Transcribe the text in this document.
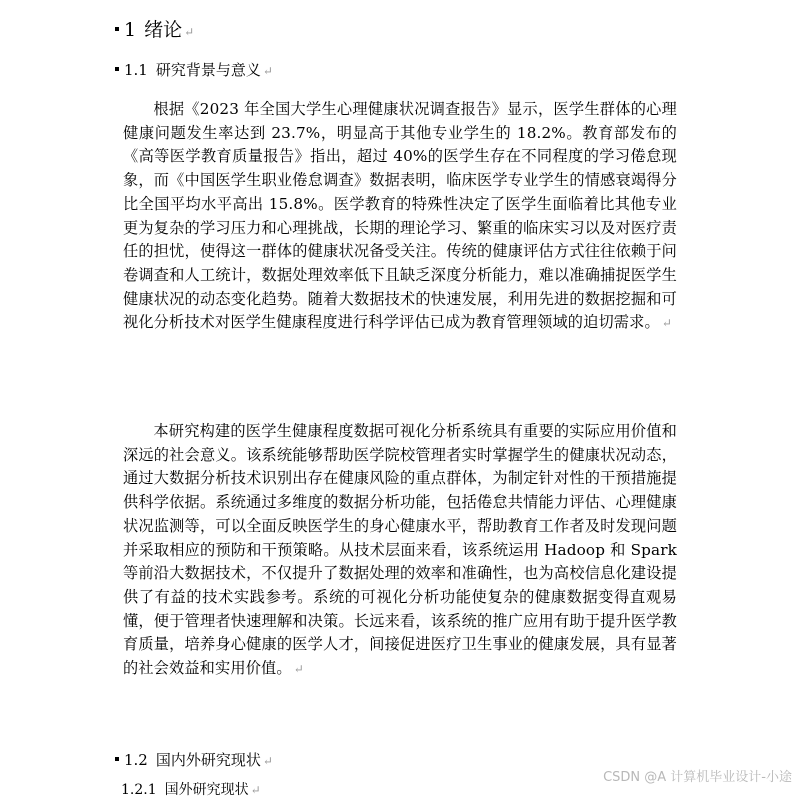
1 绪论 ↵
1.1 研究背景与意义 ↵
根据《2023 年全国大学生心理健康状况调查报告》显示，医学生群体的心理健康问题发生率达到 23.7%，明显高于其他专业学生的 18.2%。教育部发布的《高等医学教育质量报告》指出，超过 40%的医学生存在不同程度的学习倦怠现象，而《中国医学生职业倦怠调查》数据表明，临床医学专业学生的情感衰竭得分比全国平均水平高出 15.8%。医学教育的特殊性决定了医学生面临着比其他专业更为复杂的学习压力和心理挑战，长期的理论学习、繁重的临床实习以及对医疗责任的担忧，使得这一群体的健康状况备受关注。传统的健康评估方式往往依赖于问卷调查和人工统计，数据处理效率低下且缺乏深度分析能力，难以准确捕捉医学生健康状况的动态变化趋势。随着大数据技术的快速发展，利用先进的数据挖掘和可视化分析技术对医学生健康程度进行科学评估已成为教育管理领域的迫切需求。 ↵
本研究构建的医学生健康程度数据可视化分析系统具有重要的实际应用价值和深远的社会意义。该系统能够帮助医学院校管理者实时掌握学生的健康状况动态，通过大数据分析技术识别出存在健康风险的重点群体，为制定针对性的干预措施提供科学依据。系统通过多维度的数据分析功能，包括倦怠共情能力评估、心理健康状况监测等，可以全面反映医学生的身心健康水平，帮助教育工作者及时发现问题并采取相应的预防和干预策略。从技术层面来看，该系统运用 Hadoop 和 Spark 等前沿大数据技术，不仅提升了数据处理的效率和准确性，也为高校信息化建设提供了有益的技术实践参考。系统的可视化分析功能使复杂的健康数据变得直观易懂，便于管理者快速理解和决策。长远来看，该系统的推广应用有助于提升医学教育质量，培养身心健康的医学人才，间接促进医疗卫生事业的健康发展，具有显著的社会效益和实用价值。 ↵
1.2 国内外研究现状 ↵
1.2.1 国外研究现状 ↵
CSDN @A 计算机毕业设计-小途
